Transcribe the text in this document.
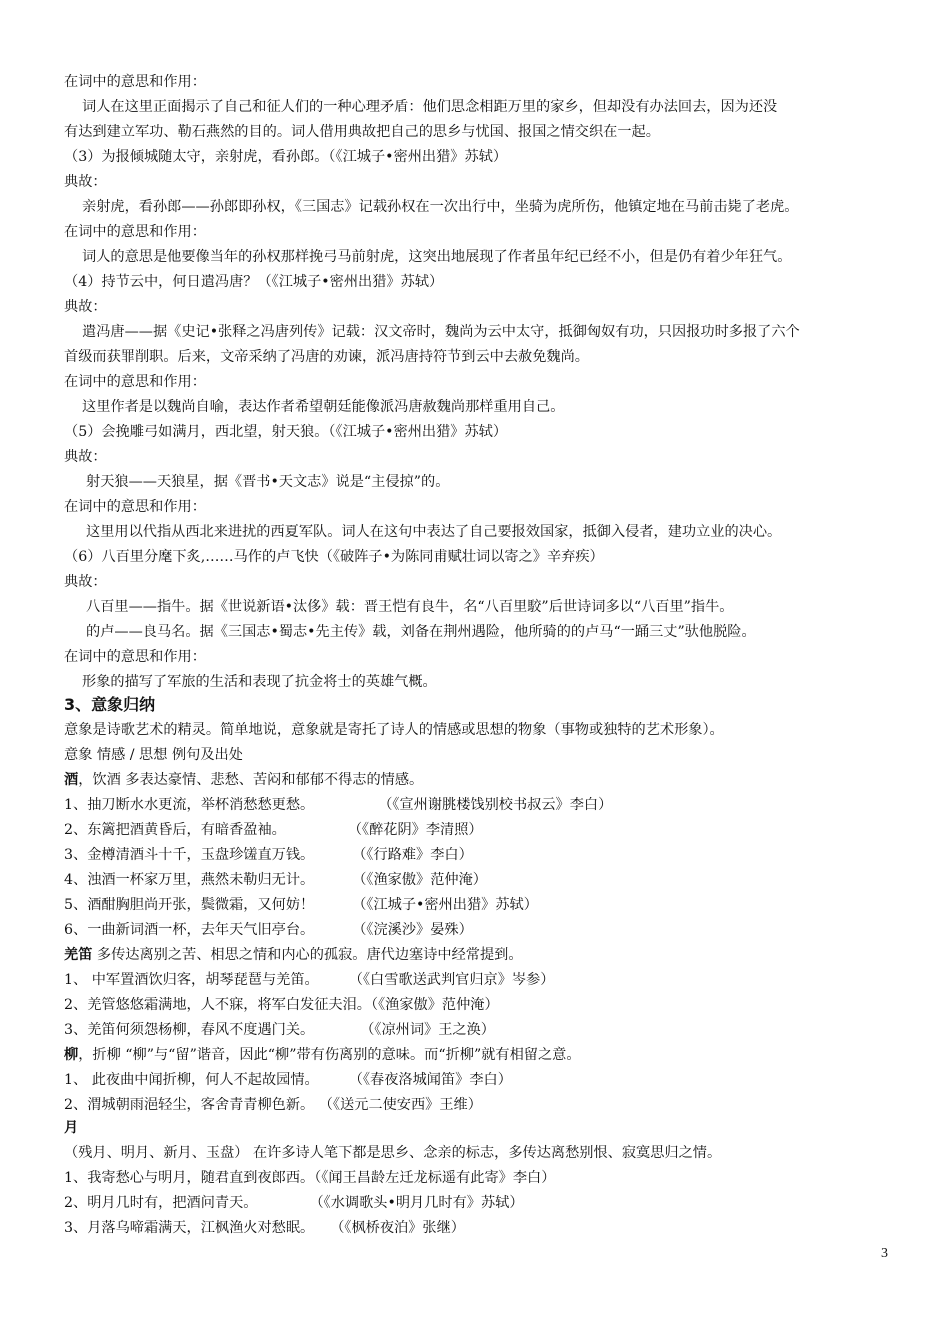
在词中的意思和作用：
词人在这里正面揭示了自己和征人们的一种心理矛盾：他们思念相距万里的家乡，但却没有办法回去，因为还没
有达到建立军功、勒石燕然的目的。词人借用典故把自己的思乡与忧国、报国之情交织在一起。
（3）为报倾城随太守，亲射虎，看孙郎。（《江城子•密州出猎》苏轼）
典故：
亲射虎，看孙郎——孙郎即孙权，《三国志》记载孙权在一次出行中，坐骑为虎所伤，他镇定地在马前击毙了老虎。
在词中的意思和作用：
词人的意思是他要像当年的孙权那样挽弓马前射虎，这突出地展现了作者虽年纪已经不小，但是仍有着少年狂气。
（4）持节云中，何日遣冯唐？（《江城子•密州出猎》苏轼）
典故：
遣冯唐——据《史记•张释之冯唐列传》记载：汉文帝时，魏尚为云中太守，抵御匈奴有功，只因报功时多报了六个
首级而获罪削职。后来，文帝采纳了冯唐的劝谏，派冯唐持符节到云中去赦免魏尚。
在词中的意思和作用：
这里作者是以魏尚自喻，表达作者希望朝廷能像派冯唐赦魏尚那样重用自己。
（5）会挽雕弓如满月，西北望，射天狼。（《江城子•密州出猎》苏轼）
典故：
射天狼——天狼星，据《晋书•天文志》说是“主侵掠”的。
在词中的意思和作用：
这里用以代指从西北来进扰的西夏军队。词人在这句中表达了自己要报效国家，抵御入侵者，建功立业的决心。
（6）八百里分麾下炙,……马作的卢飞快（《破阵子•为陈同甫赋壮词以寄之》辛弃疾）
典故：
八百里——指牛。据《世说新语•汰侈》载：晋王恺有良牛，名“八百里駮”后世诗词多以“八百里”指牛。
的卢——良马名。据《三国志•蜀志•先主传》载，刘备在荆州遇险，他所骑的的卢马“一踊三丈”驮他脱险。
在词中的意思和作用：
形象的描写了军旅的生活和表现了抗金将士的英雄气概。
3、意象归纳
意象是诗歌艺术的精灵。简单地说，意象就是寄托了诗人的情感或思想的物象（事物或独特的艺术形象）。
意象 情感 / 思想 例句及出处
酒，饮酒 多表达豪情、悲愁、苦闷和郁郁不得志的情感。
1、抽刀断水水更流，举杯消愁愁更愁。	（《宣州谢朓楼饯别校书叔云》李白）
2、东篱把酒黄昏后，有暗香盈袖。	（《醉花阴》李清照）
3、金樽清酒斗十千，玉盘珍馐直万钱。	（《行路难》李白）
4、浊酒一杯家万里，燕然未勒归无计。	（《渔家傲》范仲淹）
5、酒酣胸胆尚开张，鬓微霜，又何妨！	（《江城子•密州出猎》苏轼）
6、一曲新词酒一杯，去年天气旧亭台。	（《浣溪沙》晏殊）
羌笛 多传达离别之苦、相思之情和内心的孤寂。唐代边塞诗中经常提到。
1、 中军置酒饮归客，胡琴琵琶与羌笛。 （《白雪歌送武判官归京》岑参）
2、羌管悠悠霜满地，人不寐，将军白发征夫泪。（《渔家傲》范仲淹）
3、羌笛何须怨杨柳，春风不度遇门关。	（《凉州词》王之涣）
柳，折柳 “柳”与“留”谐音，因此“柳”带有伤离别的意味。而“折柳”就有相留之意。
1、 此夜曲中闻折柳，何人不起故园情。 （《春夜洛城闻笛》李白）
2、渭城朝雨浥轻尘，客舍青青柳色新。 （《送元二使安西》王维）
月
（残月、明月、新月、玉盘） 在许多诗人笔下都是思乡、念亲的标志，多传达离愁别恨、寂寞思归之情。
1、我寄愁心与明月，随君直到夜郎西。（《闻王昌龄左迁龙标遥有此寄》李白）
2、明月几时有，把酒问青天。	（《水调歌头•明月几时有》苏轼）
3、月落乌啼霜满天，江枫渔火对愁眠。 （《枫桥夜泊》张继）
3
